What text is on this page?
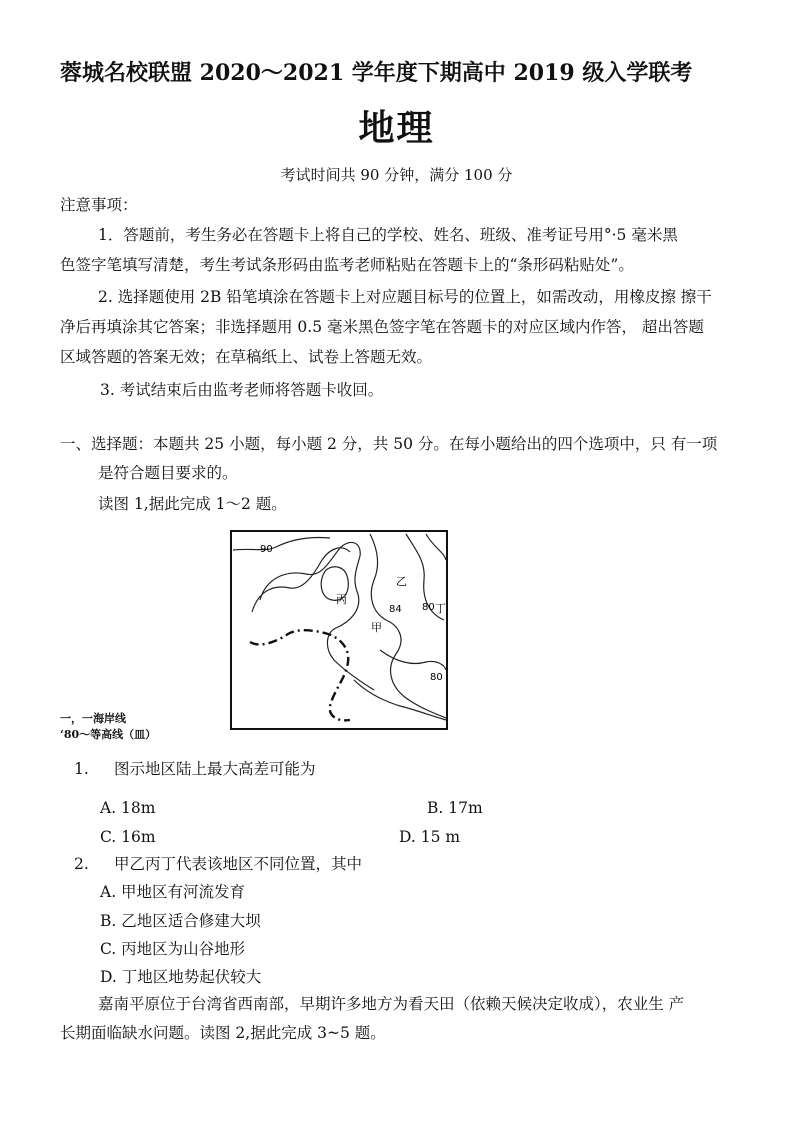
蓉城名校联盟 2020～2021 学年度下期高中 2019 级入学联考
地理
考试时间共 90 分钟，满分 100 分
注意事项：
1．答题前，考生务必在答题卡上将自己的学校、姓名、班级、准考证号用°·5 毫米黑
色签字笔填写清楚，考生考试条形码由监考老师粘贴在答题卡上的“条形码粘贴处”。
2. 选择题使用 2B 铅笔填涂在答题卡上对应题目标号的位置上，如需改动，用橡皮擦 擦干
净后再填涂其它答案；非选择题用 0.5 毫米黑色签字笔在答题卡的对应区域内作答， 超出答题
区域答题的答案无效；在草稿纸上、试卷上答题无效。
3. 考试结束后由监考老师将答题卡收回。
一、选择题：本题共 25 小题，每小题 2 分，共 50 分。在每小题给出的四个选项中，只 有一项
是符合题目要求的。
读图 1,据此完成 1～2 题。
90
84 80
80
甲
乙
丙
丁
一，一海岸线
‘80～等高线（皿）
1. 图示地区陆上最大高差可能为
A. 18m	B. 17m
C. 16m	D. 15 m
2. 甲乙丙丁代表该地区不同位置，其中
A. 甲地区有河流发育
B. 乙地区适合修建大坝
C. 丙地区为山谷地形
D. 丁地区地势起伏较大
嘉南平原位于台湾省西南部，早期许多地方为看天田（依赖天候决定收成），农业生 产
长期面临缺水问题。读图 2,据此完成 3~5 题。
